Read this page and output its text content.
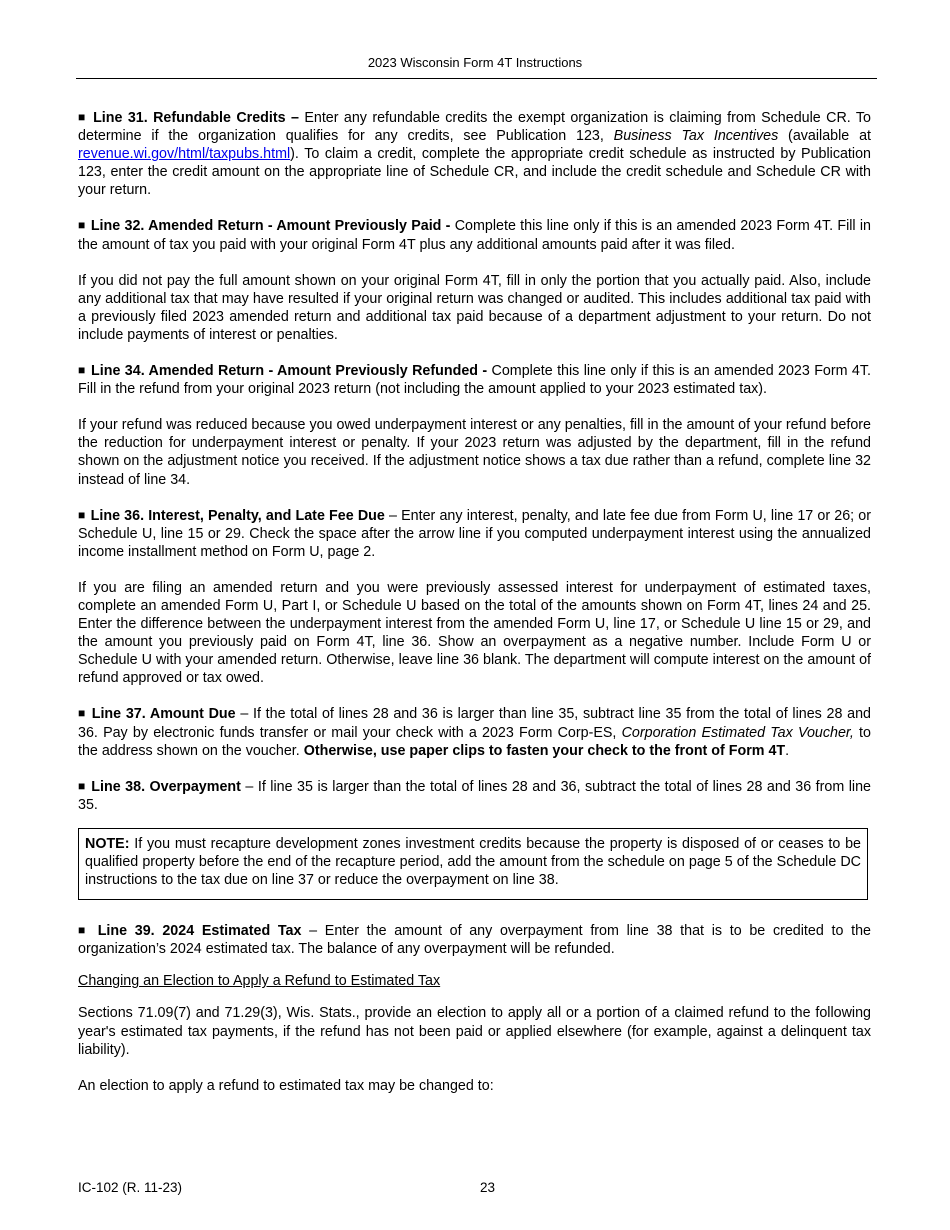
2023 Wisconsin Form 4T Instructions

■ Line 31. Refundable Credits – Enter any refundable credits the exempt organization is claiming from Schedule CR. To determine if the organization qualifies for any credits, see Publication 123, Business Tax Incentives (available at revenue.wi.gov/html/taxpubs.html). To claim a credit, complete the appropriate credit schedule as instructed by Publication 123, enter the credit amount on the appropriate line of Schedule CR, and include the credit schedule and Schedule CR with your return.

■ Line 32. Amended Return - Amount Previously Paid - Complete this line only if this is an amended 2023 Form 4T. Fill in the amount of tax you paid with your original Form 4T plus any additional amounts paid after it was filed.

If you did not pay the full amount shown on your original Form 4T, fill in only the portion that you actually paid. Also, include any additional tax that may have resulted if your original return was changed or audited. This includes additional tax paid with a previously filed 2023 amended return and additional tax paid because of a department adjustment to your return. Do not include payments of interest or penalties.

■ Line 34. Amended Return - Amount Previously Refunded - Complete this line only if this is an amended 2023 Form 4T. Fill in the refund from your original 2023 return (not including the amount applied to your 2023 estimated tax).

If your refund was reduced because you owed underpayment interest or any penalties, fill in the amount of your refund before the reduction for underpayment interest or penalty. If your 2023 return was adjusted by the department, fill in the refund shown on the adjustment notice you received. If the adjustment notice shows a tax due rather than a refund, complete line 32 instead of line 34.

■ Line 36. Interest, Penalty, and Late Fee Due – Enter any interest, penalty, and late fee due from Form U, line 17 or 26; or Schedule U, line 15 or 29. Check the space after the arrow line if you computed underpayment interest using the annualized income installment method on Form U, page 2.

If you are filing an amended return and you were previously assessed interest for underpayment of estimated taxes, complete an amended Form U, Part I, or Schedule U based on the total of the amounts shown on Form 4T, lines 24 and 25. Enter the difference between the underpayment interest from the amended Form U, line 17, or Schedule U line 15 or 29, and the amount you previously paid on Form 4T, line 36. Show an overpayment as a negative number. Include Form U or Schedule U with your amended return. Otherwise, leave line 36 blank. The department will compute interest on the amount of refund approved or tax owed.

■ Line 37. Amount Due – If the total of lines 28 and 36 is larger than line 35, subtract line 35 from the total of lines 28 and 36. Pay by electronic funds transfer or mail your check with a 2023 Form Corp-ES, Corporation Estimated Tax Voucher, to the address shown on the voucher. Otherwise, use paper clips to fasten your check to the front of Form 4T.

■ Line 38. Overpayment – If line 35 is larger than the total of lines 28 and 36, subtract the total of lines 28 and 36 from line 35.

NOTE: If you must recapture development zones investment credits because the property is disposed of or ceases to be qualified property before the end of the recapture period, add the amount from the schedule on page 5 of the Schedule DC instructions to the tax due on line 37 or reduce the overpayment on line 38.

■ Line 39. 2024 Estimated Tax – Enter the amount of any overpayment from line 38 that is to be credited to the organization’s 2024 estimated tax. The balance of any overpayment will be refunded.

Changing an Election to Apply a Refund to Estimated Tax

Sections 71.09(7) and 71.29(3), Wis. Stats., provide an election to apply all or a portion of a claimed refund to the following year's estimated tax payments, if the refund has not been paid or applied elsewhere (for example, against a delinquent tax liability).

An election to apply a refund to estimated tax may be changed to:

IC-102 (R. 11-23)	23
